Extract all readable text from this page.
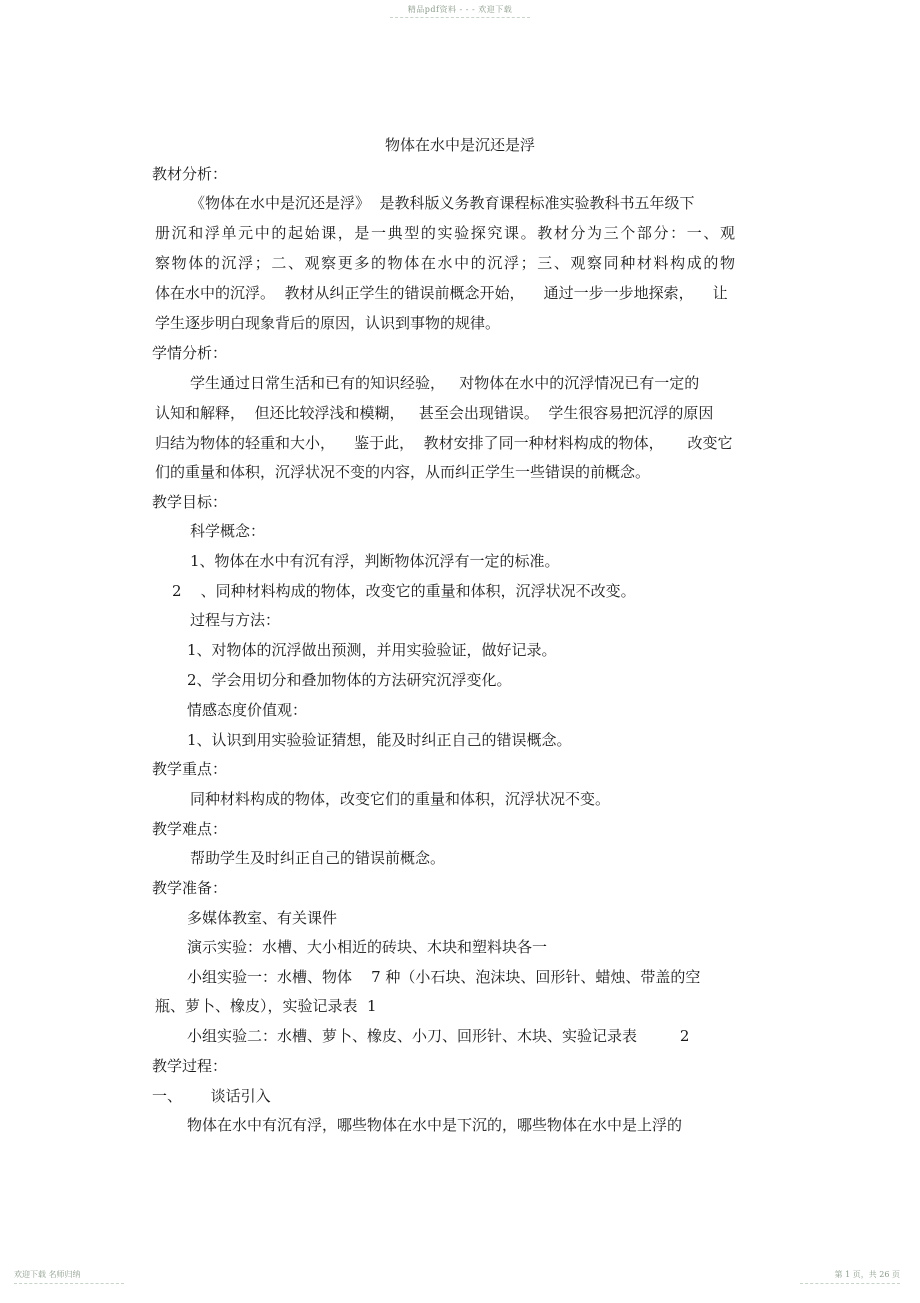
精品pdf资料 - - - 欢迎下载
物体在水中是沉还是浮
教材分析：
《物体在水中是沉还是浮》  是教科版义务教育课程标准实验教科书五年级下
册沉和浮单元中的起始课，是一典型的实验探究课。教材分为三个部分：一、观
察物体的沉浮；二、观察更多的物体在水中的沉浮；三、观察同种材料构成的物
体在水中的沉浮。  教材从纠正学生的错误前概念开始，    通过一步一步地探索，    让
学生逐步明白现象背后的原因，认识到事物的规律。
学情分析：
学生通过日常生活和已有的知识经验，   对物体在水中的沉浮情况已有一定的
认知和解释，  但还比较浮浅和模糊，   甚至会出现错误。  学生很容易把沉浮的原因
归结为物体的轻重和大小，    鉴于此，  教材安排了同一种材料构成的物体，     改变它
们的重量和体积，沉浮状况不变的内容，从而纠正学生一些错误的前概念。
教学目标：
科学概念：
1、物体在水中有沉有浮，判断物体沉浮有一定的标准。
2    、同种材料构成的物体，改变它的重量和体积，沉浮状况不改变。
过程与方法：
1、对物体的沉浮做出预测，并用实验验证，做好记录。
2、学会用切分和叠加物体的方法研究沉浮变化。
情感态度价值观：
1、认识到用实验验证猜想，能及时纠正自己的错误概念。
教学重点：
同种材料构成的物体，改变它们的重量和体积，沉浮状况不变。
教学难点：
帮助学生及时纠正自己的错误前概念。
教学准备：
多媒体教室、有关课件
演示实验：水槽、大小相近的砖块、木块和塑料块各一
小组实验一：水槽、物体    7 种（小石块、泡沫块、回形针、蜡烛、带盖的空
瓶、萝卜、橡皮），实验记录表  1
小组实验二：水槽、萝卜、橡皮、小刀、回形针、木块、实验记录表         2
教学过程：
一、      谈话引入
物体在水中有沉有浮，哪些物体在水中是下沉的，哪些物体在水中是上浮的
欢迎下载 名师归纳	第 1 页，共 26 页
